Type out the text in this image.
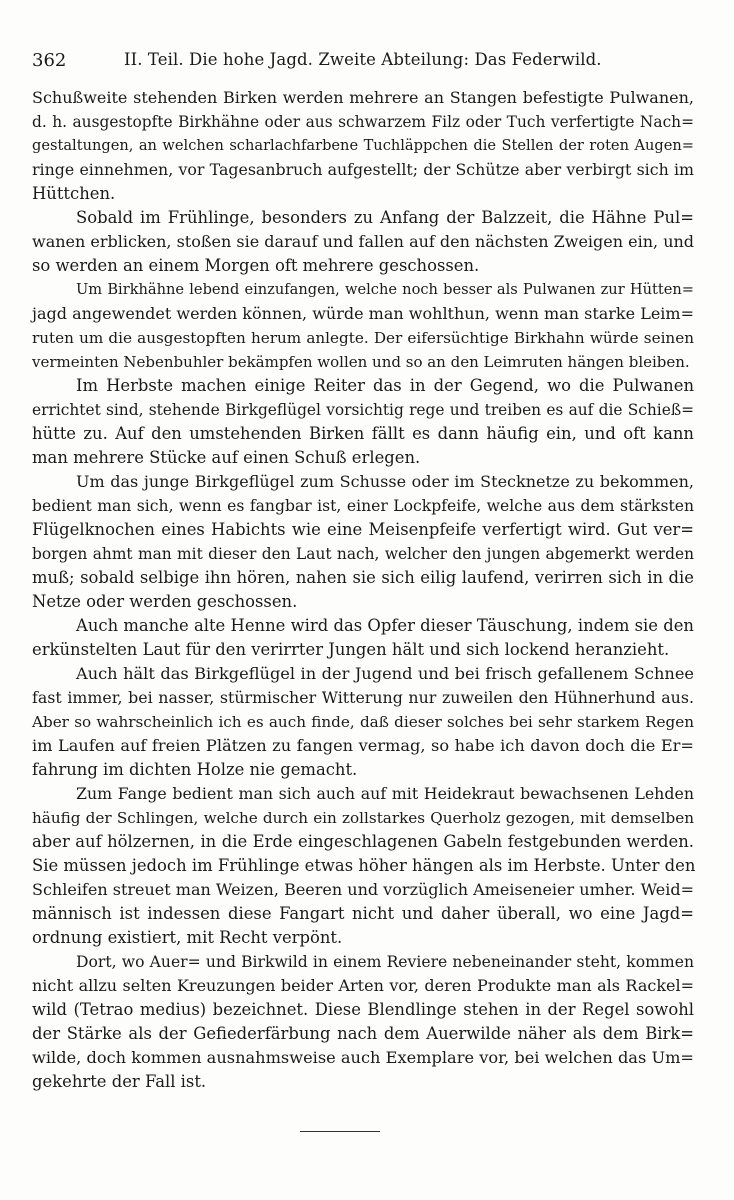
362	II. Teil. Die hohe Jagd. Zweite Abteilung: Das Federwild.
Schußweite stehenden Birken werden mehrere an Stangen befestigte Pulwanen,
d. h. ausgestopfte Birkhähne oder aus schwarzem Filz oder Tuch verfertigte Nach=
gestaltungen, an welchen scharlachfarbene Tuchläppchen die Stellen der roten Augen=
ringe einnehmen, vor Tagesanbruch aufgestellt; der Schütze aber verbirgt sich im
Hüttchen.
Sobald im Frühlinge, besonders zu Anfang der Balzzeit, die Hähne Pul=
wanen erblicken, stoßen sie darauf und fallen auf den nächsten Zweigen ein, und
so werden an einem Morgen oft mehrere geschossen.
Um Birkhähne lebend einzufangen, welche noch besser als Pulwanen zur Hütten=
jagd angewendet werden können, würde man wohlthun, wenn man starke Leim=
ruten um die ausgestopften herum anlegte. Der eifersüchtige Birkhahn würde seinen
vermeinten Nebenbuhler bekämpfen wollen und so an den Leimruten hängen bleiben.
Im Herbste machen einige Reiter das in der Gegend, wo die Pulwanen
errichtet sind, stehende Birkgeflügel vorsichtig rege und treiben es auf die Schieß=
hütte zu. Auf den umstehenden Birken fällt es dann häufig ein, und oft kann
man mehrere Stücke auf einen Schuß erlegen.
Um das junge Birkgeflügel zum Schusse oder im Stecknetze zu bekommen,
bedient man sich, wenn es fangbar ist, einer Lockpfeife, welche aus dem stärksten
Flügelknochen eines Habichts wie eine Meisenpfeife verfertigt wird. Gut ver=
borgen ahmt man mit dieser den Laut nach, welcher den jungen abgemerkt werden
muß; sobald selbige ihn hören, nahen sie sich eilig laufend, verirren sich in die
Netze oder werden geschossen.
Auch manche alte Henne wird das Opfer dieser Täuschung, indem sie den
erkünstelten Laut für den verirrter Jungen hält und sich lockend heranzieht.
Auch hält das Birkgeflügel in der Jugend und bei frisch gefallenem Schnee
fast immer, bei nasser, stürmischer Witterung nur zuweilen den Hühnerhund aus.
Aber so wahrscheinlich ich es auch finde, daß dieser solches bei sehr starkem Regen
im Laufen auf freien Plätzen zu fangen vermag, so habe ich davon doch die Er=
fahrung im dichten Holze nie gemacht.
Zum Fange bedient man sich auch auf mit Heidekraut bewachsenen Lehden
häufig der Schlingen, welche durch ein zollstarkes Querholz gezogen, mit demselben
aber auf hölzernen, in die Erde eingeschlagenen Gabeln festgebunden werden.
Sie müssen jedoch im Frühlinge etwas höher hängen als im Herbste. Unter den
Schleifen streuet man Weizen, Beeren und vorzüglich Ameiseneier umher. Weid=
männisch ist indessen diese Fangart nicht und daher überall, wo eine Jagd=
ordnung existiert, mit Recht verpönt.
Dort, wo Auer= und Birkwild in einem Reviere nebeneinander steht, kommen
nicht allzu selten Kreuzungen beider Arten vor, deren Produkte man als Rackel=
wild (Tetrao medius) bezeichnet. Diese Blendlinge stehen in der Regel sowohl
der Stärke als der Gefiederfärbung nach dem Auerwilde näher als dem Birk=
wilde, doch kommen ausnahmsweise auch Exemplare vor, bei welchen das Um=
gekehrte der Fall ist.
